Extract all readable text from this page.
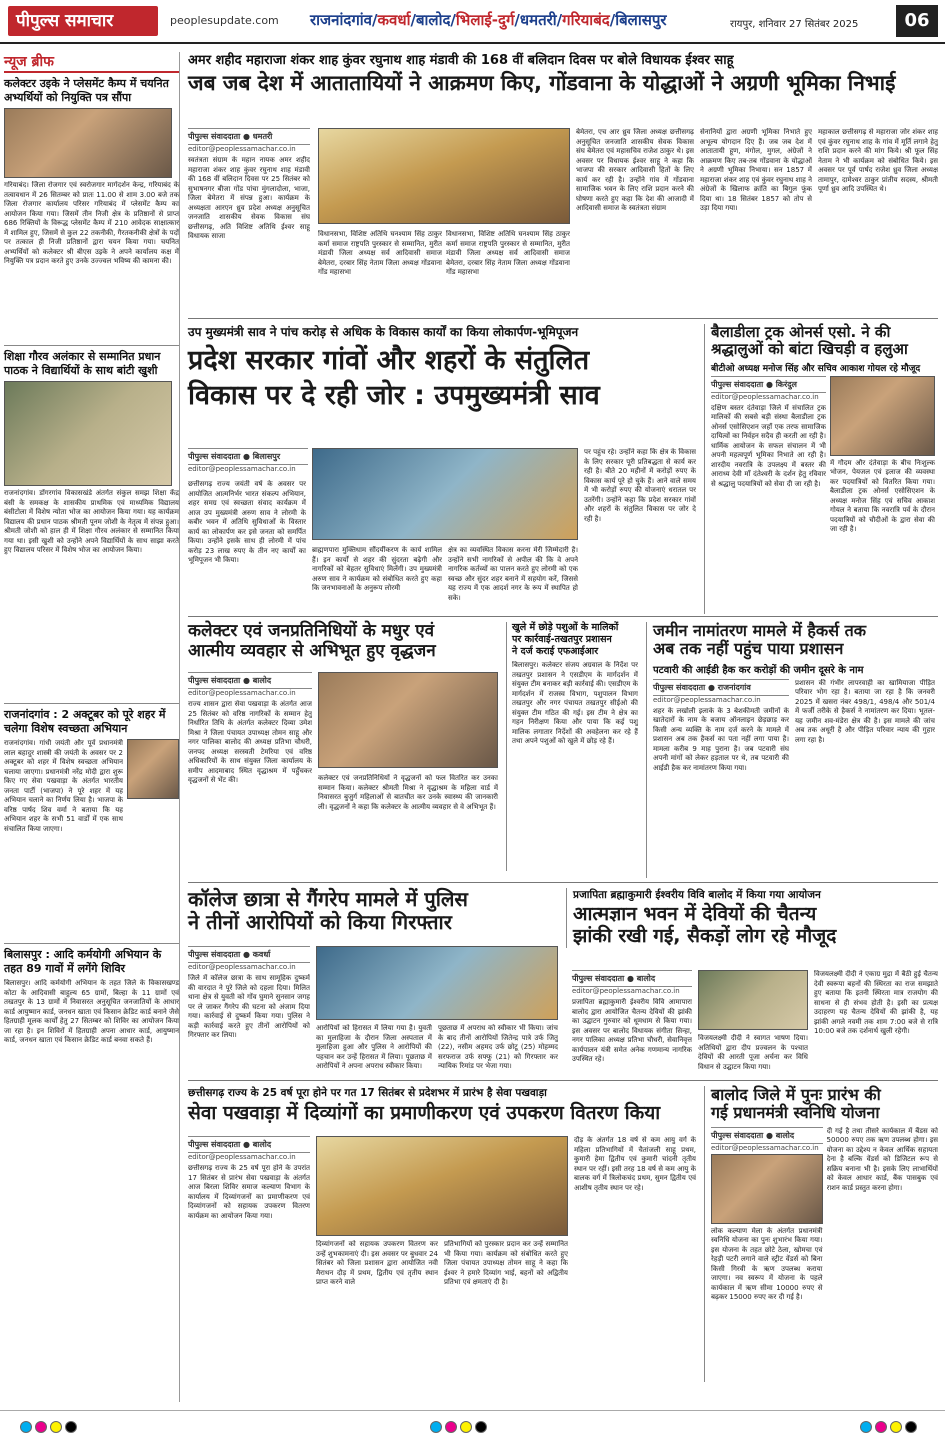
पीपुल्स समाचार	peoplesupdate.com राजनांदगांव/कवर्धा/बालोद/भिलाई-दुर्ग/धमतरी/गरियाबंद/बिलासपुर	रायपुर, शनिवार 27 सितंबर 2025	06
न्यूज ब्रीफ
कलेक्टर उइके ने प्लेसमेंट कैम्प में चयनित अभ्यर्थियों को नियुक्ति पत्र सौंपा
गरियाबंद। जिला रोजगार एवं स्वरोजगार मार्गदर्शन केन्द्र, गरियाबंद के तत्वावधान में 26 सितम्बर को प्रातः 11.00 से शाम 3.00 बजे तक जिला रोजगार कार्यालय परिसर गरियाबंद में प्लेसमेंट कैम्प का आयोजन किया गया। जिसमें तीन निजी क्षेत्र के प्रतिष्ठानों से प्राप्त 686 रिक्तियों के विरूद्ध प्लेसमेंट कैम्प में 210 आवेदक साक्षात्कार में शामिल हुए, जिसमें से कुल 22 तकनीकी, गैरतकनीकी क्षेत्रों के पदों पर तत्काल ही निजी प्रतिष्ठानों द्वारा चयन किया गया। चयनित अभ्यर्थियों को कलेक्टर श्री बीएस उइके ने अपने कार्यालय कक्ष में नियुक्ति पत्र प्रदान करते हुए उनके उज्ज्वल भविष्य की कामना की।
शिक्षा गौरव अलंकार से सम्मानित प्रधान पाठक ने विद्यार्थियों के साथ बांटी खुशी
राजनांदगांव। डोंगरगांव विकासखंडे अंतर्गत संकुल समझ शिक्षा केंद्र बंसी के समकक्ष के शासकीय प्राथमिक एवं माध्यमिक विद्यालय बंसीटोला में विशेष न्योता भोज का आयोजन किया गया। यह कार्यक्रम विद्यालय की प्रधान पाठक श्रीमती पूनम जोशी के नेतृत्व में संपन्न हुआ। श्रीमती जोशी को हाल ही में शिक्षा गौरव अलंकार से सम्मानित किया गया था। इसी खुशी को उन्होंने अपने विद्यार्थियों के साथ साझा करते हुए विद्यालय परिसर में विशेष भोज का आयोजन किया।
राजनांदगांव : 2 अक्टूबर को पूरे शहर में चलेगा विशेष स्वच्छता अभियान
राजनांदगांव। गांधी जयंती और पूर्व प्रधानमंत्री लाल बहादुर शास्त्री की जयंती के अवसर पर 2 अक्टूबर को शहर में विशेष स्वच्छता अभियान चलाया जाएगा। प्रधानमंत्री नरेंद्र मोदी द्वारा शुरू किए गए सेवा पखवाड़ा के अंतर्गत भारतीय जनता पार्टी (भाजपा) ने पूरे शहर में यह अभियान चलाने का निर्णय लिया है। भाजपा के वरिष्ठ पार्षद शिव वर्मा ने बताया कि यह अभियान शहर के सभी 51 वार्डों में एक साथ संचालित किया जाएगा।
बिलासपुर : आदि कर्मयोगी अभियान के तहत 89 गावों में लगेंगे शिविर
बिलासपुर। आदि कर्मयोगी अभियान के तहत जिले के विकासखण्ड कोटा के आदिवासी बाहुल्य 65 ग्रामों, बिल्हा के 11 ग्रामों एवं तखतपुर के 13 ग्रामों में निवासरत अनुसूचित जनजातियों के आधार कार्ड आयुष्मान कार्ड, जनधन खाता एवं किसान क्रेडिट कार्ड बनाने जैसे हितग्राही मूलक कार्यों हेतु 27 सितम्बर को शिविर का आयोजन किया जा रहा है। इन शिविरों में हितग्राही अपना आधार कार्ड, आयुष्मान कार्ड, जनधन खाता एवं किसान क्रेडिट कार्ड बनवा सकते हैं।
अमर शहीद महाराजा शंकर शाह कुंवर रघुनाथ शाह मंडावी की 168 वीं बलिदान दिवस पर बोले विधायक ईश्वर साहू
जब जब देश में आतातायियों ने आक्रमण किए, गोंडवाना के योद्धाओं ने अग्रणी भूमिका निभाई
पीपुल्स संवाददाता ● धमतरी
editor@peoplessamachar.co.in
स्वतंत्रता संग्राम के महान नायक अमर शहीद महाराजा शंकर शाह कुंवर रघुनाथ शाह मंडावी की 168 वीं बलिदान दिवस पर 25 सितंबर को सुभाषनगर बीजा गोंड पांचा मुंगलादोला, भाजा, जिला बेमेतरा में संपन्न हुआ। कार्यक्रम के अध्यक्षता आरएन ध्रुव प्रदेश अध्यक्ष अनुसूचित जनजाति शासकीय सेवक विकास संघ छत्तीसगढ़, अति विशिष्ट अतिथि ईश्वर साहू विधायक साजा	विधानसभा, विशिष्ट अतिथि घनश्याम सिंह ठाकुर कर्मा समाज राष्ट्रपति पुरस्कार से सम्मानित, मुरीत मंडावी जिला अध्यक्ष सर्व आदिवासी समाज बेमेतरा, दरबार सिंह नेताम जिला अध्यक्ष गोंडवाना गोंड महासभा
विधानसभा, विशिष्ट अतिथि घनश्याम सिंह ठाकुर कर्मा समाज राष्ट्रपति पुरस्कार से सम्मानित, मुरीत मंडावी जिला अध्यक्ष सर्व आदिवासी समाज बेमेतरा, दरबार सिंह नेताम जिला अध्यक्ष गोंडवाना गोंड महासभा
बेमेतरा, एच आर ध्रुव जिला अध्यक्ष छत्तीसगढ़ अनुसूचित जनजाति शासकीय सेवक विकास संघ बेमेतरा एवं महासचिव राजेश ठाकुर थे। इस अवसर पर विधायक ईश्वर साहू ने कहा कि भाजपा की सरकार आदिवासी हितों के लिए कार्य कर रही है। उन्होंने गांव में गोंडवाना सामाजिक भवन के लिए राशि प्रदान करने की घोषणा करते हुए कहा कि देश की आजादी में आदिवासी समाज के स्वतंत्रता संग्राम
सेनानियों द्वारा अग्रणी भूमिका निभाते हुए अभूल्य योगदान दिए हैं। जब जब देश में आतातायी हूण, मंगोल, मुगल, अंग्रेजों ने आक्रमण किए तब-तब गोंडवाना के योद्धाओं ने अग्रणी भूमिका निभाया। सन 1857 में महाराजा शंकर शाह एवं कुंवर रघुनाथ शाह ने अंग्रेजों के खिलाफ क्रांति का बिगुल फूंक दिया था। 18 सितंबर 1857 को तोप से उड़ा दिया गया।
महाकाल छत्तीसगढ़ से महाराजा जोर शंकर शाह एवं कुंवर रघुनाथ शाह के गांव में मूर्ति लगाने हेतु राशि प्रदान करने की मांग किये। श्री फूल सिंह नेताम ने भी कार्यक्रम को संबोधित किये। इस अवसर पर पूर्व पार्षद राजेश ध्रुव जिला अध्यक्ष तामापुर, दामेश्वर ठाकुर प्रांतीय सदस्य, श्रीमती पूर्णा ध्रुव आदि उपस्थित थे।
उप मुख्यमंत्री साव ने पांच करोड़ से अधिक के विकास कार्यों का किया लोकार्पण-भूमिपूजन
प्रदेश सरकार गांवों और शहरों के संतुलित
विकास पर दे रही जोर : उपमुख्यमंत्री साव
पीपुल्स संवाददाता ● बिलासपुर
editor@peoplessamachar.co.in
छत्तीसगढ़ राज्य जयंती वर्ष के अवसर पर आयोजित आत्मनिर्भर भारत संकल्प अभियान, शहर समग्र एवं स्वच्छता संवाद कार्यक्रम में आज उप मुख्यमंत्री अरुण साव ने लोरमी के कबीर भवन में अतिथि सुविधाओं के विस्तार कार्य का लोकार्पण कर इसे जनता को समर्पित किया। उन्होंने इसके साथ ही लोरमी में पांच करोड़ 23 लाख रुपए के तीन नए कार्यों का भूमिपूजन भी किया।
ब्राह्मणपारा मुक्तिधाम सौंदर्यीकरण के कार्य शामिल हैं। इन कार्यों से शहर की सुंदरता बढ़ेगी और नागरिकों को बेहतर सुविधाएं मिलेंगी। उप मुख्यमंत्री अरुण साव ने कार्यक्रम को संबोधित करते हुए कहा कि जनभावनाओं के अनुरूप लोरमी
क्षेत्र का व्यवस्थित विकास करना मेरी जिम्मेदारी है। उन्होंने सभी नागरिकों से अपील की कि वे अपने नागरिक कर्तव्यों का पालन करते हुए लोरमी को एक स्वच्छ और सुंदर शहर बनाने में सहयोग करें, जिससे यह राज्य में एक आदर्श नगर के रूप में स्थापित हो सके।
पर पहुंच रहे। उन्होंने कहा कि क्षेत्र के विकास के लिए सरकार पूरी प्रतिबद्धता से कार्य कर रही है। बीते 20 महीनों में करोड़ों रुपए के विकास कार्य पूरे हो चुके हैं। आने वाले समय में भी करोड़ों रुपए की योजनाएं धरातल पर उतरेंगी। उन्होंने कहा कि प्रदेश सरकार गांवों और शहरों के संतुलित विकास पर जोर दे रही है।
बैलाडीला ट्रक ओनर्स एसो. ने की
श्रद्धालुओं को बांटा खिचड़ी व हलुआ
बीटीओ अध्यक्ष मनोज सिंह और सचिव आकाश गोयल रहे मौजूद
पीपुल्स संवाददाता ● किरंदुल
editor@peoplessamachar.co.in
दक्षिण बस्तर दंतेवाड़ा जिले में संचालित ट्रक मालिकों की सबसे बड़ी संस्था बैलाडीला ट्रक ओनर्स एसोसिएशन जहाँ एक तरफ सामाजिक दायित्वों का निर्वहन सदैव ही करती आ रही है। धार्मिक आयोजन के सफल संचालन में भी अपनी महत्वपूर्ण भूमिका निभाते आ रही है। शारदीय नवरात्रि के उपलक्ष्य में बस्तर की आराध्य देवी माँ दंतेश्वरी के दर्शन हेतु रविवार से श्रद्धालु पदयात्रियों को सेवा दी जा रही है।
में गौदम और दंतेवाड़ा के बीच निःशुल्क भोजन, पेयजल एवं इलाज की व्यवस्था कर पदयात्रियों को वितरित किया गया। बैलाडीला ट्रक ओनर्स एसोसिएशन के अध्यक्ष मनोज सिंह एवं सचिव आकाश गोयल ने बताया कि नवरात्रि पर्व के दौरान पदयात्रियों को चौदीओं के द्वारा सेवा की जा रही है।
कलेक्टर एवं जनप्रतिनिधियों के मधुर एवं
आत्मीय व्यवहार से अभिभूत हुए वृद्धजन
पीपुल्स संवाददाता ● बालोद
editor@peoplessamachar.co.in
राज्य शासन द्वारा सेवा पखवाड़ा के अंतर्गत आज 25 सितंबर को वरिष्ठ नागरिकों के सम्मान हेतु निर्धारित तिथि के अंतर्गत कलेक्टर दिव्या उमेश मिश्रा ने जिला पंचायत उपाध्यक्ष तोमन साहू और नगर पालिका बालोद की अध्यक्ष प्रतिभा चौधरी, जनपद अध्यक्ष सरस्वती टेमरिया एवं वरिष्ठ अधिकारियों के साथ संयुक्त जिला कार्यालय के समीप आदमाबाद स्थित वृद्धाश्रम में पहुँचकर वृद्धजनों से भेंट की।	कलेक्टर एवं जनप्रतिनिधियों ने वृद्धजनों को फल वितरित कर उनका सम्मान किया। कलेक्टर श्रीमती मिश्रा ने वृद्धाश्रम के महिला वार्ड में निवासरत बुजुर्ग महिलाओं से बातचीत कर उनके स्वास्थ्य की जानकारी ली। वृद्धजनों ने कहा कि कलेक्टर के आत्मीय व्यवहार से वे अभिभूत हैं।
खुले में छोड़े पशुओं के मालिकों
पर कार्रवाई-तखतपुर प्रशासन
ने दर्ज कराई एफआईआर
बिलासपुर। कलेक्टर संजय अग्रवाल के निर्देश पर तखतपुर प्रशासन ने एसडीएम के मार्गदर्शन में संयुक्त टीम बनाकर बड़ी कार्रवाई की। एसडीएम के मार्गदर्शन में राजस्व विभाग, पशुपालन विभाग तखतपुर और नगर पंचायत तखतपुर सीईओ की संयुक्त टीम गठित की गई। इस टीम ने क्षेत्र का गहन निरीक्षण किया और पाया कि कई पशु मालिक लगातार निर्देशों की अवहेलना कर रहे हैं तथा अपने पशुओं को खुले में छोड़ रहे हैं।
जमीन नामांतरण मामले में हैकर्स तक
अब तक नहीं पहुंच पाया प्रशासन
पटवारी की आईडी हैक कर करोड़ों की जमीन दूसरे के नाम
पीपुल्स संवाददाता ● राजनांदगांव
editor@peoplessamachar.co.in
शहर के लखोली इलाके के 3 बेशकीमती जमीनों के खातेदारों के नाम के बजाय ऑनलाइन छेड़छाड़ कर किसी अन्य व्यक्ति के नाम दर्ज करने के मामले में प्रशासन अब तक हैकर्स का पता नहीं लगा पाया है। मामला करीब 9 माह पुराना है। जब पटवारी संघ अपनी मांगों को लेकर हड़ताल पर थे, तब पटवारी की आईडी हैक कर नामांतरण किया गया।
प्रशासन की गंभीर लापरवाही का खामियाजा पीड़ित परिवार भोग रहा है। बताया जा रहा है कि जनवरी 2025 में खसरा नंबर 498/1, 498/4 और 501/4 में फर्जी तरीके से हैकर्स ने नामांतरण कर दिया। भूतल- यह जमीन शव-मंडेरा क्षेत्र की है। इस मामले की जांच अब तक अधूरी है और पीड़ित परिवार न्याय की गुहार लगा रहा है।
कॉलेज छात्रा से गैंगरेप मामले में पुलिस
ने तीनों आरोपियों को किया गिरफ्तार
पीपुल्स संवाददाता ● कवर्धा
editor@peoplessamachar.co.in
जिले में कॉलेज छात्रा के साथ सामूहिक दुष्कर्म की वारदात ने पूरे जिले को दहला दिया। मिलित थाना क्षेत्र से युवती को गोंव घुमाने सुनसान जगह पर ले जाकर गैंगरेप की घटना को अंजाम दिया गया। कार्रवाई से दुष्कर्म किया गया। पुलिस ने कड़ी कार्रवाई करते हुए तीनों आरोपियों को गिरफ्तार कर लिया।
आरोपियों को हिरासत में लिया गया है। युवती का मुलाहिजा के दौरान जिला अस्पताल में मुलाहिजा हुआ और पुलिस ने आरोपियों की पहचान कर उन्हें हिरासत में लिया। पूछताछ में आरोपियों ने अपना अपराध स्वीकार किया।
पूछताछ में अपराध को स्वीकार भी किया। जांच के बाद तीनों आरोपियों जितेन्द्र पात्रे उर्फ जितु (22), नसीम अहमद उर्फ छोटू (25) मोहम्मद सरफराज उर्फ सफ्फू (21) को गिरफ्तार कर न्यायिक रिमांड पर भेजा गया।
प्रजापिता ब्रह्माकुमारी ईश्वरीय विवि बालोद में किया गया आयोजन
आत्मज्ञान भवन में देवियों की चैतन्य
झांकी रखी गई, सैकड़ों लोग रहे मौजूद
पीपुल्स संवाददाता ● बालोद
editor@peoplessamachar.co.in
प्रजापिता ब्रह्माकुमारी ईश्वरीय विवि आमापारा बालोद द्वारा आयोजित चैतन्य देवियों की झांकी का उद्घाटन गुरुवार को धूमधाम से किया गया। इस अवसर पर बालोद विधायक संगीता सिन्हा, नगर पालिका अध्यक्ष प्रतिभा चौधरी, सेवानिवृत्त कार्यपालन यंत्री समेत अनेक गणमान्य नागरिक उपस्थित रहे।
विजयलक्ष्मी दीदी ने स्वागत भाषण दिया। अतिथियों द्वारा दीप प्रज्वलन के पश्चात देवियों की आरती पूजा अर्चना कर विधि विधान से उद्घाटन किया गया।
विजयलक्ष्मी दीदी ने एकाग्र मुद्रा में बैठी हुई चैतन्य देवी स्वरूपा बहनों की स्थिरता का राज समझाते हुए बताया कि इतनी स्थिरता मात्र राजयोग की साधना से ही संभव होती है। इसी का प्रत्यक्ष उदाहरण यह चैतन्य देवियों की झांकी है, यह झांकी अगले नवमी तक शाम 7:00 बजे से रात्रि 10:00 बजे तक दर्शनार्थ खुली रहेगी।
छत्तीसगढ़ राज्य के 25 वर्ष पूरा होने पर गत 17 सितंबर से प्रदेशभर में प्रारंभ है सेवा पखवाड़ा
सेवा पखवाड़ा में दिव्यांगों का प्रमाणीकरण एवं उपकरण वितरण किया
पीपुल्स संवाददाता ● बालोद
editor@peoplessamachar.co.in
छत्तीसगढ़ राज्य के 25 वर्ष पूरा होने के उपरांत 17 सितंबर से प्रारंभ सेवा पखवाड़ा के अंतर्गत आज बिरला शिविर समाज कल्याण विभाग के कार्यालय में दिव्यांगजनों का प्रमाणीकरण एवं दिव्यांगजनों को सहायक उपकरण वितरण कार्यक्रम का आयोजन किया गया।
दिव्यांगजनों को सहायक उपकरण वितरण कर उन्हें शुभकामनाएं दी। इस अवसर पर बुधवार 24 सितंबर को जिला प्रशासन द्वारा आयोजित नवी मैराथन दौड़ में प्रथम, द्वितीय एवं तृतीय स्थान प्राप्त करने वाले
प्रतिभागियों को पुरस्कार प्रदान कर उन्हें सम्मानित भी किया गया। कार्यक्रम को संबोधित करते हुए जिला पंचायत उपाध्यक्ष तोमन साहू ने कहा कि ईश्वर ने हमारे दिव्यांग भाई, बहनों को अद्वितीय प्रतिभा एवं क्षमताएं दी है।
दौड़ के अंतर्गत 18 वर्ष से कम आयु वर्ग के महिला प्रतिभागियों में चैतांजली साहू प्रथम, कुमारी हेमा द्वितीय एवं कुमारी चांदनी तृतीय स्थान पर रहीं। इसी तरह 18 वर्ष से कम आयु के बालक वर्ग में त्रिलोकचंद प्रथम, सुमन द्वितीय एवं आशीष तृतीय स्थान पर रहे।
बालोद जिले में पुनः प्रारंभ की
गई प्रधानमंत्री स्वनिधि योजना
पीपुल्स संवाददाता ● बालोद
editor@peoplessamachar.co.in
लोक कल्याण मेला के अंतर्गत प्रधानमंत्री स्वनिधि योजना का पुनः शुभारंभ किया गया। इस योजना के तहत छोटे ठेला, खोमचा एवं रेहड़ी पटरी लगाने वाले स्ट्रीट वेंडर्स को बिना किसी गिरवी के ऋण उपलब्ध कराया जाएगा। नव स्वरूप में योजना के पहले कार्यकाल में ऋण सीमा 10000 रुपए से बढ़कर 15000 रुपए कर दी गई है।
दी गई है तथा तीसरे कार्यकाल में बैंडस को 50000 रुपए तक ऋण उपलब्ध होगा। इस योजना का उद्देश्य न केवल आर्थिक सहायता देना है बल्कि वेंडर्स को डिजिटल रूप से सक्रिय बनाना भी है। इसके लिए लाभार्थियों को केवल आधार कार्ड, बैंक पासबुक एवं राशन कार्ड प्रस्तुत करना होगा।
